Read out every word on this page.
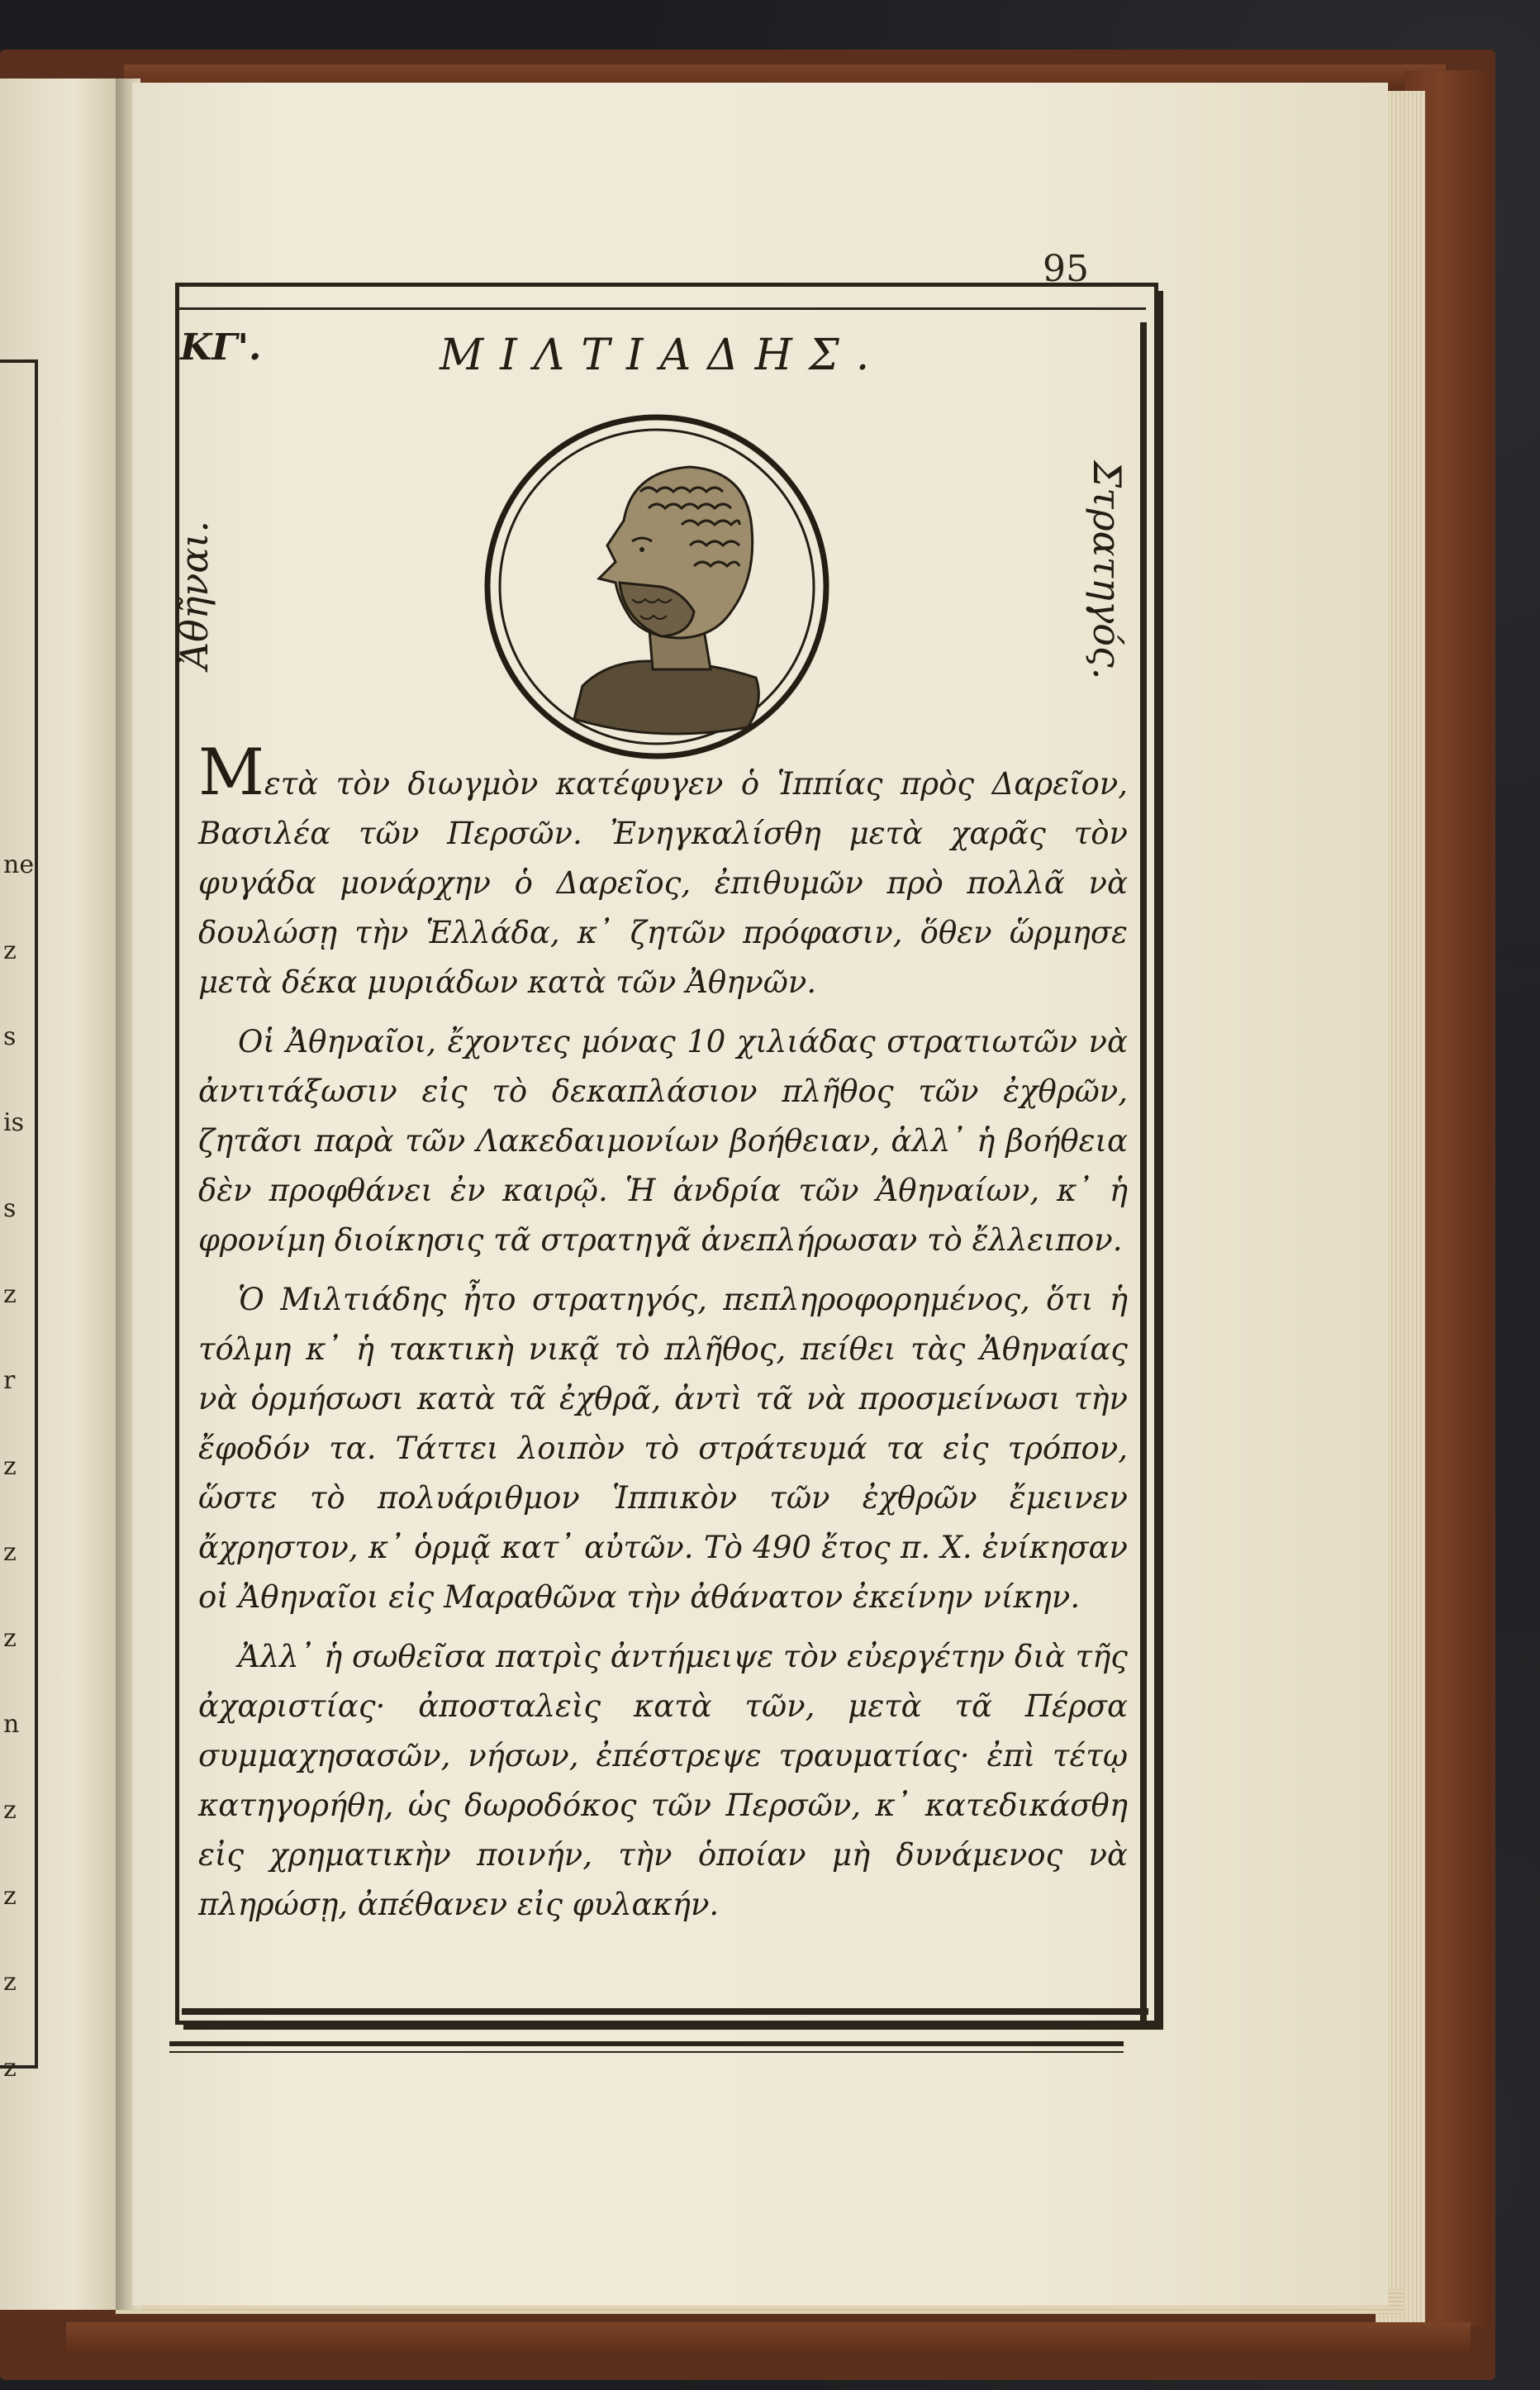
ne
z
s
is
s
z
r
z
z
z
n
z
z
z
z
95
ΚΓ'.	ΜΙΛΤΙΑΔΗΣ.
Ἀθῆναι.	Στρατηγός.

Μετὰ τὸν διωγμὸν κατέφυγεν ὁ Ἱππίας πρὸς Δαρεῖον, Βασιλέα τῶν Περσῶν. Ἐνηγκαλίσθη μετὰ χαρᾶς τὸν φυγάδα μονάρχην ὁ Δαρεῖος, ἐπιθυμῶν πρὸ πολλᾶ νὰ δουλώσῃ τὴν Ἑλλάδα, κ᾽ ζητῶν πρόφασιν, ὅθεν ὥρμησε μετὰ δέκα μυριάδων κατὰ τῶν Ἀθηνῶν.

Οἱ Ἀθηναῖοι, ἔχοντες μόνας 10 χιλιάδας στρατιωτῶν νὰ ἀντιτάξωσιν εἰς τὸ δεκαπλάσιον πλῆθος τῶν ἐχθρῶν, ζητᾶσι παρὰ τῶν Λακεδαιμονίων βοήθειαν, ἀλλ᾽ ἡ βοήθεια δὲν προφθάνει ἐν καιρῷ. Ἡ ἀνδρία τῶν Ἀθηναίων, κ᾽ ἡ φρονίμη διοίκησις τᾶ στρατηγᾶ ἀνεπλήρωσαν τὸ ἔλλειπον.

Ὁ Μιλτιάδης ἦτο στρατηγός, πεπληροφορημένος, ὅτι ἡ τόλμη κ᾽ ἡ τακτικὴ νικᾷ τὸ πλῆθος, πείθει τὰς Ἀθηναίας νὰ ὁρμήσωσι κατὰ τᾶ ἐχθρᾶ, ἀντὶ τᾶ νὰ προσμείνωσι τὴν ἔφοδόν τα. Τάττει λοιπὸν τὸ στράτευμά τα εἰς τρόπον, ὥστε τὸ πολυάριθμον Ἱππικὸν τῶν ἐχθρῶν ἔμεινεν ἄχρηστον, κ᾽ ὁρμᾷ κατ᾽ αὐτῶν. Τὸ 490 ἔτος π. Χ. ἐνίκησαν οἱ Ἀθηναῖοι εἰς Μαραθῶνα τὴν ἀθάνατον ἐκείνην νίκην.

Ἀλλ᾽ ἡ σωθεῖσα πατρὶς ἀντήμειψε τὸν εὐεργέτην διὰ τῆς ἀχαριστίας· ἀποσταλεὶς κατὰ τῶν, μετὰ τᾶ Πέρσα συμμαχησασῶν, νήσων, ἐπέστρεψε τραυματίας· ἐπὶ τέτῳ κατηγορήθη, ὡς δωροδόκος τῶν Περσῶν, κ᾽ κατεδικάσθη εἰς χρηματικὴν ποινήν, τὴν ὁποίαν μὴ δυνάμενος νὰ πληρώσῃ, ἀπέθανεν εἰς φυλακήν.
